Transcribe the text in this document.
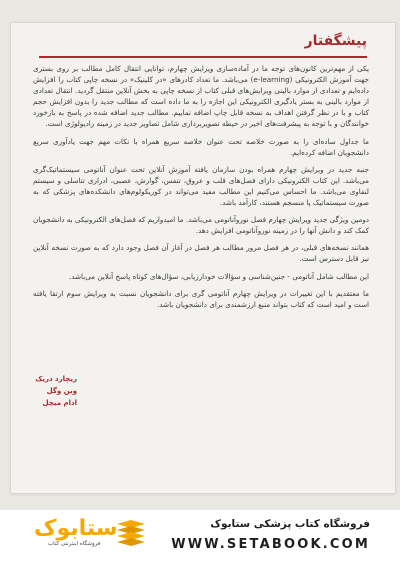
پیشگفتار

یکی از مهم‌ترین کانون‌های توجه ما در آماده‌سازی ویرایش چهارم، توانایی انتقال کامل مطالب بر روی بستری جهت آموزش الکترونیکی (e-learning) می‌باشد. ما تعداد کادرهای «در کلینیک» در نسخه چاپی کتاب را افزایش داده‌ایم و تعدادی از موارد بالینی ویرایش‌های قبلی کتاب از نسخه چاپی به بخش آنلاین منتقل گردید. انتقال تعدادی از موارد بالینی به بستر یادگیری الکترونیکی این اجازه را به ما داده است که مطالب جدید را بدون افزایش حجم کتاب و با در نظر گرفتن اهداف به نسخه قابل چاپ اضافه نماییم. مطالب جدید اضافه شده در پاسخ به بازخورد خوانندگان و با توجه به پیشرفت‌های اخیر در حیطه تصویربرداری شامل تصاویر جدید در زمینه رادیولوژی است.

ما جداول ساده‌ای را به صورت خلاصه تحت عنوان خلاصه سریع همراه با نکات مهم جهت یادآوری سریع دانشجویان اضافه کرده‌ایم.

جنبه جدید در ویرایش چهارم همراه بودن سازمان یافته آموزش آنلاین تحت عنوان آناتومی سیستماتیک‌گری می‌باشد. این کتاب الکترونیکی دارای فصل‌های قلب و عروق، تنفس، گوارش، عصبی، ادراری تناسلی و سیستم لنفاوی می‌باشد. ما احساس می‌کنیم این مطالب مفید می‌تواند در کوریکولوم‌های دانشکده‌های پزشکی که به صورت سیستماتیک پا منسجم هستند، کارآمد باشد.

دومین ویژگی جدید ویرایش چهارم فصل نوروآناتومی می‌باشد. ما امیدواریم که فصل‌های الکترونیکی به دانشجویان کمک کند و دانش آنها را در زمینه نوروآناتومی افزایش دهد.

همانند نسخه‌های قبلی، در هر فصل مرور مطالب هر فصل در آغاز آن فصل وجود دارد که به صورت نسخه آنلاین نیز قابل دسترس است.

این مطالب شامل آناتومی - جنین‌شناسی و سؤالات خودارزیابی، سؤال‌های کوتاه پاسخ آنلاین می‌باشد.

ما معتقدیم با این تغییرات در ویرایش چهارم آناتومی گری برای دانشجویان نسبت به ویرایش سوم ارتقا یافته است و امید است که کتاب بتواند منبع ارزشمندی برای دانشجویان باشد.

ریچارد دریک
وین وگل
ادام میچل
ستابوک
فروشگاه اینترنتی کتاب
فروشگاه کتاب پزشکی ستابوک
WWW.SETABOOK.COM
